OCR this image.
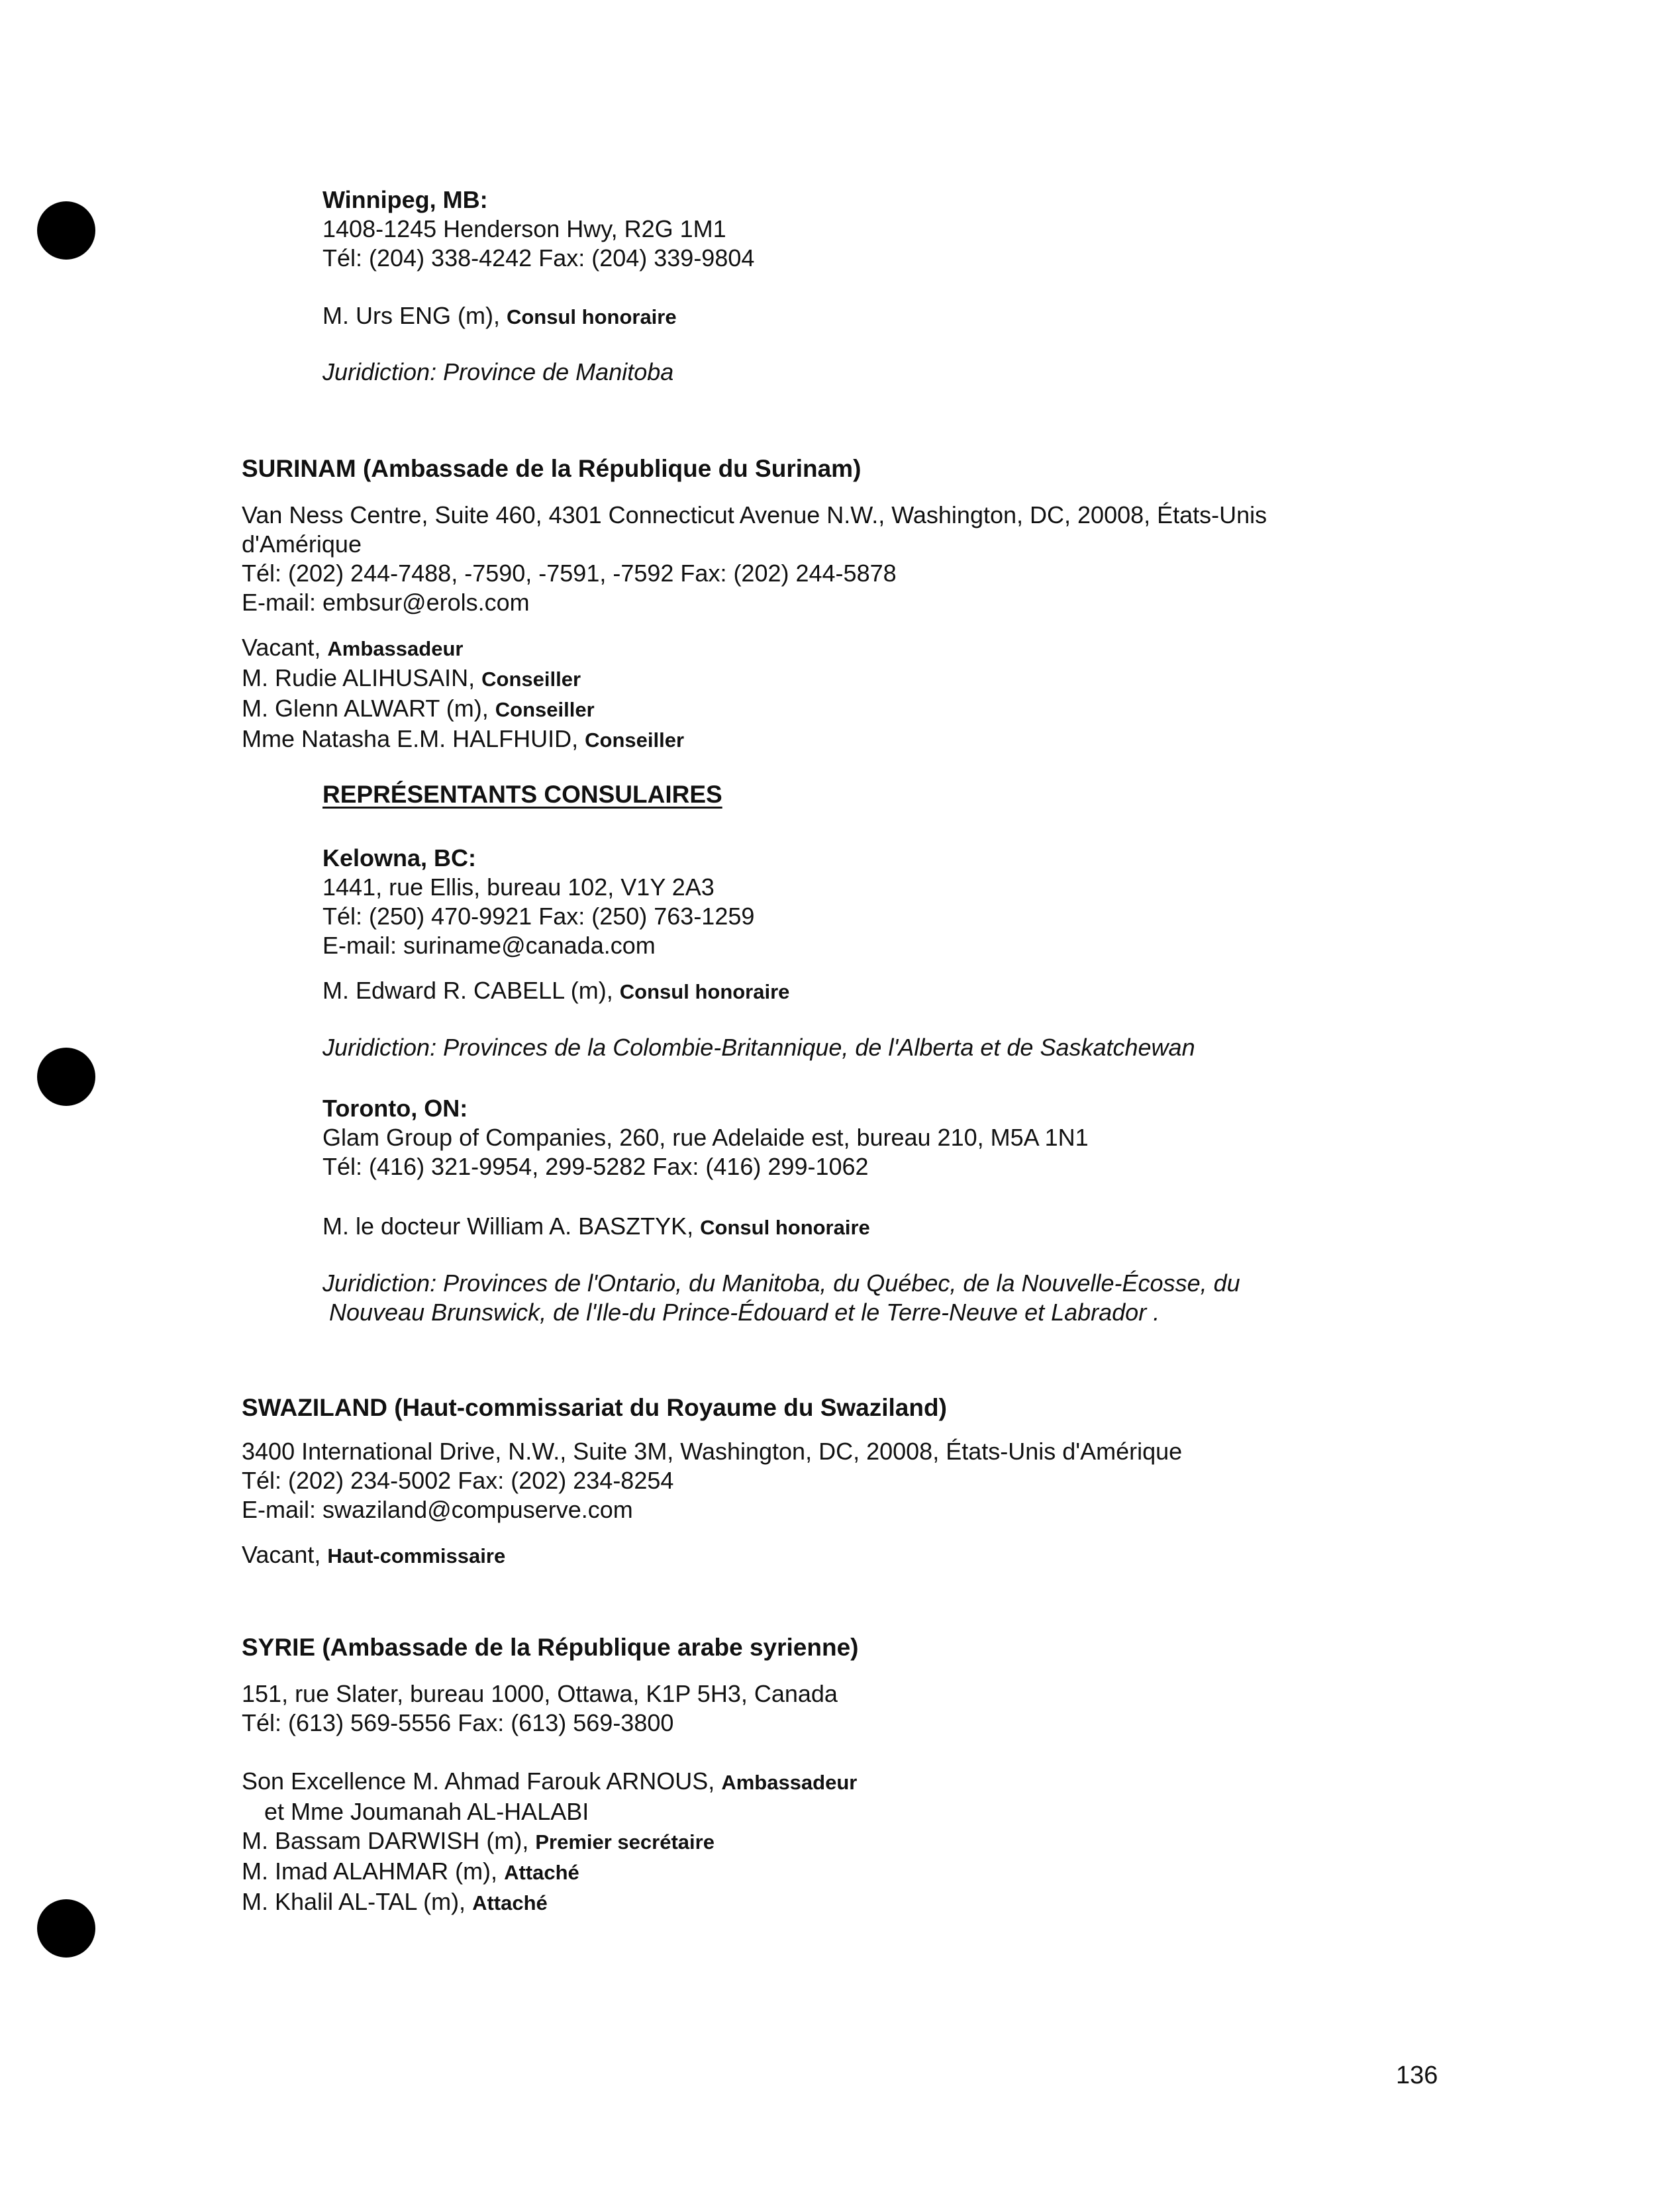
Winnipeg, MB:
1408-1245 Henderson Hwy, R2G 1M1
Tél: (204) 338-4242 Fax: (204) 339-9804
M. Urs ENG (m), Consul honoraire
Juridiction: Province de Manitoba
SURINAM (Ambassade de la République du Surinam)
Van Ness Centre, Suite 460, 4301 Connecticut Avenue N.W., Washington, DC, 20008, États-Unis
d'Amérique
Tél: (202) 244-7488, -7590, -7591, -7592 Fax: (202) 244-5878
E-mail: embsur@erols.com
Vacant, Ambassadeur
M. Rudie ALIHUSAIN, Conseiller
M. Glenn ALWART (m), Conseiller
Mme Natasha E.M. HALFHUID, Conseiller
REPRÉSENTANTS CONSULAIRES
Kelowna, BC:
1441, rue Ellis, bureau 102, V1Y 2A3
Tél: (250) 470-9921 Fax: (250) 763-1259
E-mail: suriname@canada.com
M. Edward R. CABELL (m), Consul honoraire
Juridiction: Provinces de la Colombie-Britannique, de l'Alberta et de Saskatchewan
Toronto, ON:
Glam Group of Companies, 260, rue Adelaide est, bureau 210, M5A 1N1
Tél: (416) 321-9954, 299-5282 Fax: (416) 299-1062
M. le docteur William A. BASZTYK, Consul honoraire
Juridiction: Provinces de l'Ontario, du Manitoba, du Québec, de la Nouvelle-Écosse, du
Nouveau Brunswick, de l'Ile-du Prince-Édouard et le Terre-Neuve et Labrador .
SWAZILAND (Haut-commissariat du Royaume du Swaziland)
3400 International Drive, N.W., Suite 3M, Washington, DC, 20008, États-Unis d'Amérique
Tél: (202) 234-5002 Fax: (202) 234-8254
E-mail: swaziland@compuserve.com
Vacant, Haut-commissaire
SYRIE (Ambassade de la République arabe syrienne)
151, rue Slater, bureau 1000, Ottawa, K1P 5H3, Canada
Tél: (613) 569-5556 Fax: (613) 569-3800
Son Excellence M. Ahmad Farouk ARNOUS, Ambassadeur
et Mme Joumanah AL-HALABI
M. Bassam DARWISH (m), Premier secrétaire
M. Imad ALAHMAR (m), Attaché
M. Khalil AL-TAL (m), Attaché
136
